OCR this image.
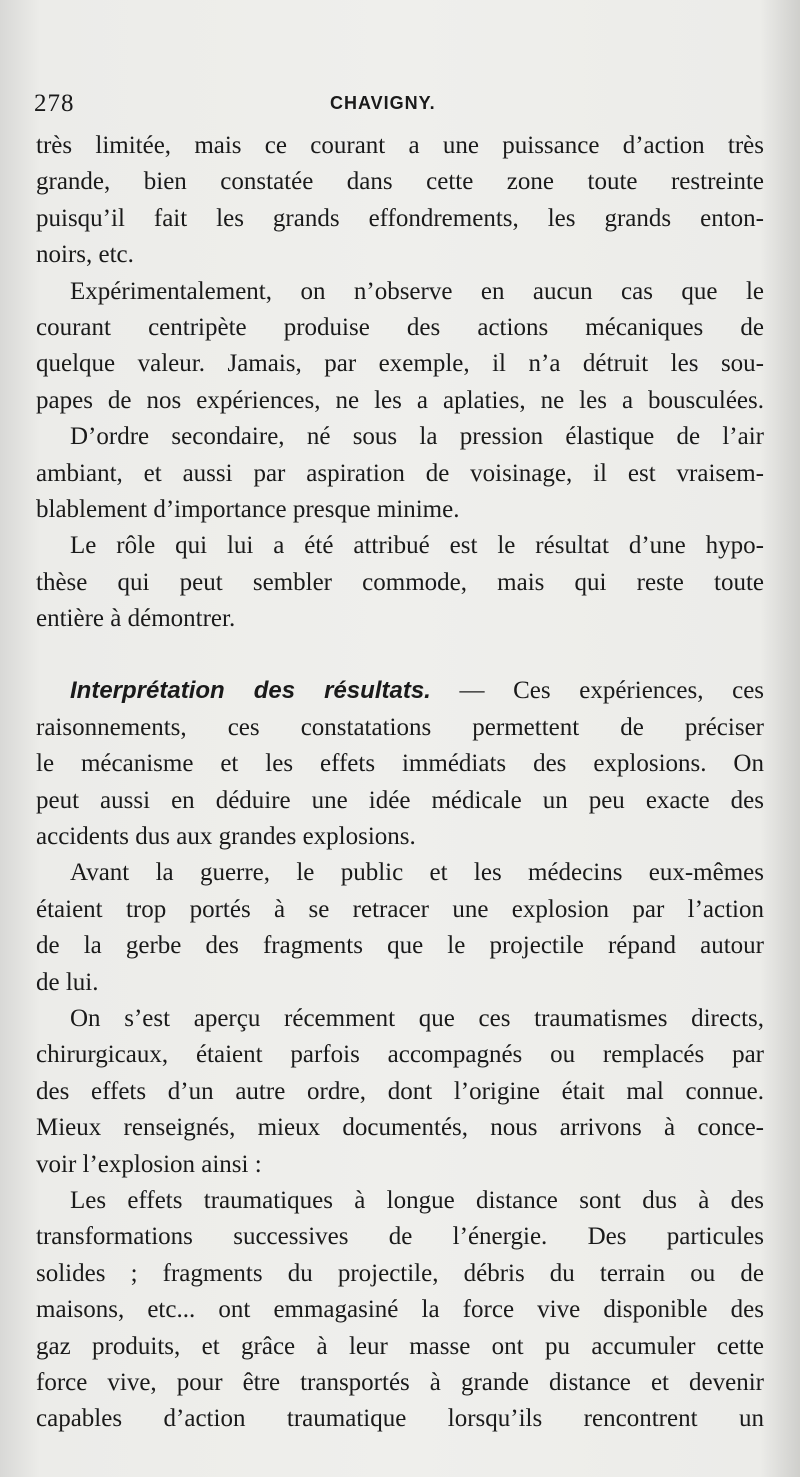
278	CHAVIGNY.
très limitée, mais ce courant a une puissance d’action très
grande, bien constatée dans cette zone toute restreinte
puisqu’il fait les grands effondrements, les grands enton-
noirs, etc.
Expérimentalement, on n’observe en aucun cas que le
courant centripète produise des actions mécaniques de
quelque valeur. Jamais, par exemple, il n’a détruit les sou-
papes de nos expériences, ne les a aplaties, ne les a bousculées.
D’ordre secondaire, né sous la pression élastique de l’air
ambiant, et aussi par aspiration de voisinage, il est vraisem-
blablement d’importance presque minime.
Le rôle qui lui a été attribué est le résultat d’une hypo-
thèse qui peut sembler commode, mais qui reste toute
entière à démontrer.
Interprétation des résultats. — Ces expériences, ces
raisonnements, ces constatations permettent de préciser
le mécanisme et les effets immédiats des explosions. On
peut aussi en déduire une idée médicale un peu exacte des
accidents dus aux grandes explosions.
Avant la guerre, le public et les médecins eux-mêmes
étaient trop portés à se retracer une explosion par l’action
de la gerbe des fragments que le projectile répand autour
de lui.
On s’est aperçu récemment que ces traumatismes directs,
chirurgicaux, étaient parfois accompagnés ou remplacés par
des effets d’un autre ordre, dont l’origine était mal connue.
Mieux renseignés, mieux documentés, nous arrivons à conce-
voir l’explosion ainsi :
Les effets traumatiques à longue distance sont dus à des
transformations successives de l’énergie. Des particules
solides ; fragments du projectile, débris du terrain ou de
maisons, etc... ont emmagasiné la force vive disponible des
gaz produits, et grâce à leur masse ont pu accumuler cette
force vive, pour être transportés à grande distance et devenir
capables d’action traumatique lorsqu’ils rencontrent un
